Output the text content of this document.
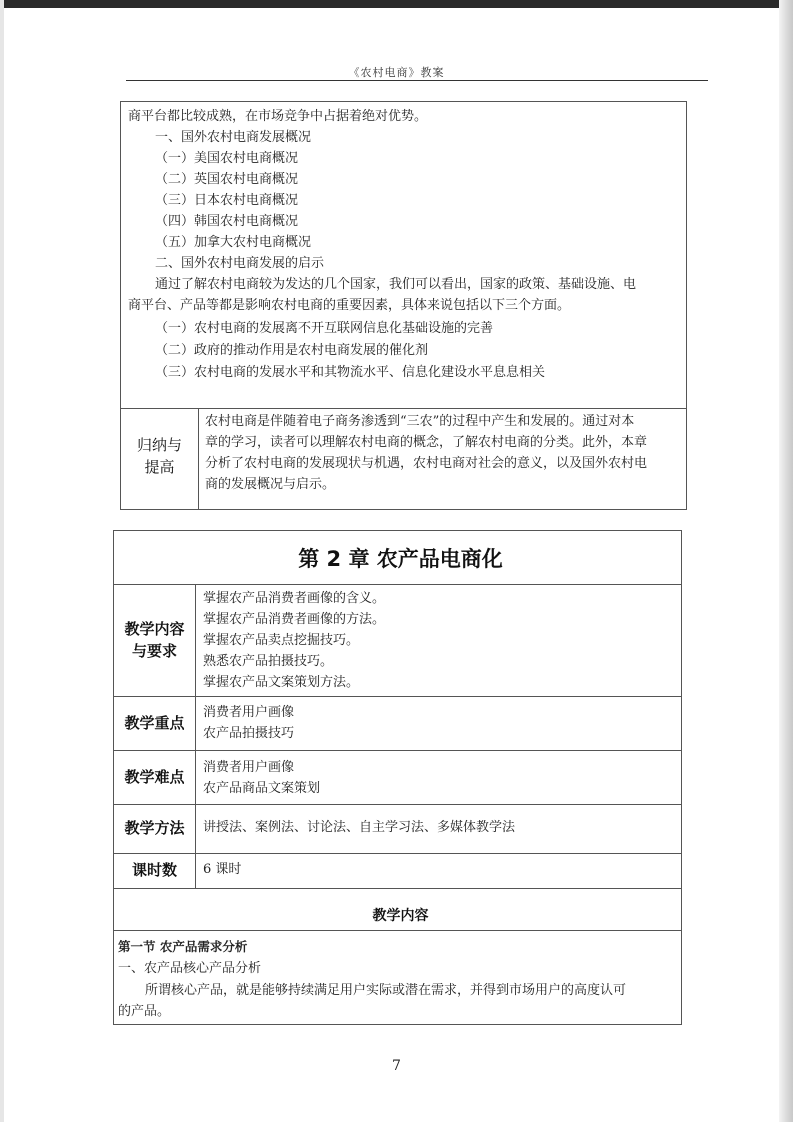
《农村电商》教案

商平台都比较成熟，在市场竞争中占据着绝对优势。

一、国外农村电商发展概况

（一）美国农村电商概况

（二）英国农村电商概况

（三）日本农村电商概况

（四）韩国农村电商概况

（五）加拿大农村电商概况

二、国外农村电商发展的启示

通过了解农村电商较为发达的几个国家，我们可以看出，国家的政策、基础设施、电

商平台、产品等都是影响农村电商的重要因素，具体来说包括以下三个方面。

（一）农村电商的发展离不开互联网信息化基础设施的完善

（二）政府的推动作用是农村电商发展的催化剂

（三）农村电商的发展水平和其物流水平、信息化建设水平息息相关

归纳与
提高

农村电商是伴随着电子商务渗透到“三农”的过程中产生和发展的。通过对本

章的学习，读者可以理解农村电商的概念，了解农村电商的分类。此外，本章

分析了农村电商的发展现状与机遇，农村电商对社会的意义，以及国外农村电

商的发展概况与启示。

第 2 章 农产品电商化
教学内容
与要求

掌握农产品消费者画像的含义。

掌握农产品消费者画像的方法。

掌握农产品卖点挖掘技巧。

熟悉农产品拍摄技巧。

掌握农产品文案策划方法。

教学重点

消费者用户画像

农产品拍摄技巧

教学难点

消费者用户画像

农产品商品文案策划

教学方法	讲授法、案例法、讨论法、自主学习法、多媒体教学法

课时数	6 课时

教学内容

第一节 农产品需求分析

一、农产品核心产品分析

所谓核心产品，就是能够持续满足用户实际或潜在需求，并得到市场用户的高度认可

的产品。

7
